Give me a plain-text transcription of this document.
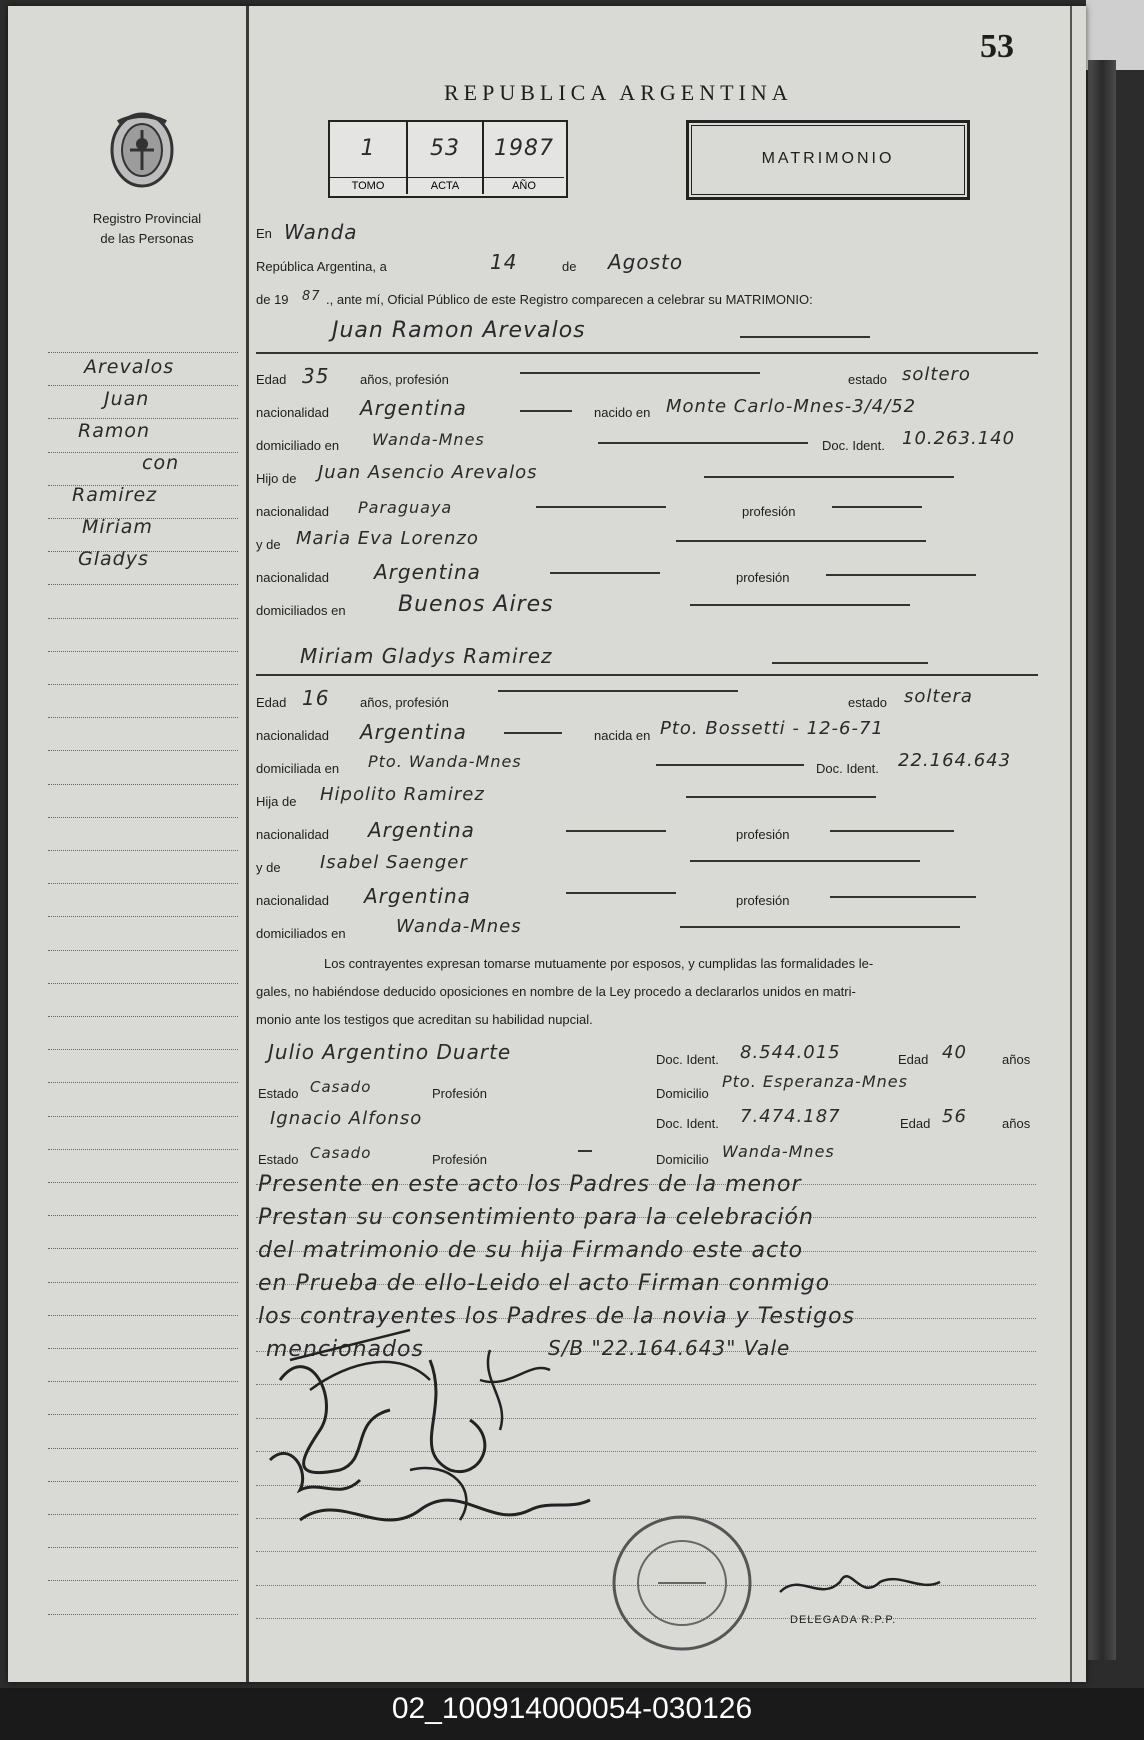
53
REPUBLICA ARGENTINA
Registro Provincial
de las Personas
1
TOMO
53
ACTA
1987
AÑO
MATRIMONIO
En Wanda
República Argentina, a	14	de Agosto
de 19 87 ., ante mí, Oficial Público de este Registro comparecen a celebrar su MATRIMONIO:
Arevalos
Juan
Ramon
con
Ramirez
Miriam
Gladys
Juan Ramon Arevalos
Edad 35 años, profesión	estado soltero
nacionalidad Argentina	nacido en Monte Carlo-Mnes-3/4/52
domiciliado en Wanda-Mnes	Doc. Ident. 10.263.140
Hijo de Juan Asencio Arevalos
nacionalidad Paraguaya	profesión
y de Maria Eva Lorenzo
nacionalidad Argentina	profesión
domiciliados en Buenos Aires
Miriam Gladys Ramirez
Edad 16 años, profesión	estado soltera
nacionalidad Argentina	nacida en Pto. Bossetti - 12-6-71
domiciliada en Pto. Wanda-Mnes	Doc. Ident. 22.164.643
Hija de Hipolito Ramirez
nacionalidad Argentina	profesión
y de Isabel Saenger
nacionalidad Argentina	profesión
domiciliados en	Wanda-Mnes
Los contrayentes expresan tomarse mutuamente por esposos, y cumplidas las formalidades le-
gales, no habiéndose deducido oposiciones en nombre de la Ley procedo a declararlos unidos en matri-
monio ante los testigos que acreditan su habilidad nupcial.
Julio Argentino Duarte	Doc. Ident. 8.544.015	Edad 40	años
Estado Casado	Profesión	Domicilio
Pto. Esperanza-Mnes
Ignacio Alfonso	Doc. Ident. 7.474.187	Edad 56	años
Estado Casado	Profesión	Domicilio Wanda-Mnes
Presente en este acto los Padres de la menor
Prestan su consentimiento para la celebración
del matrimonio de su hija Firmando este acto
en Prueba de ello-Leido el acto Firman conmigo
los contrayentes los Padres de la novia y Testigos
mencionados	S/B "22.164.643" Vale
DELEGADA R.P.P.
02_100914000054-030126
